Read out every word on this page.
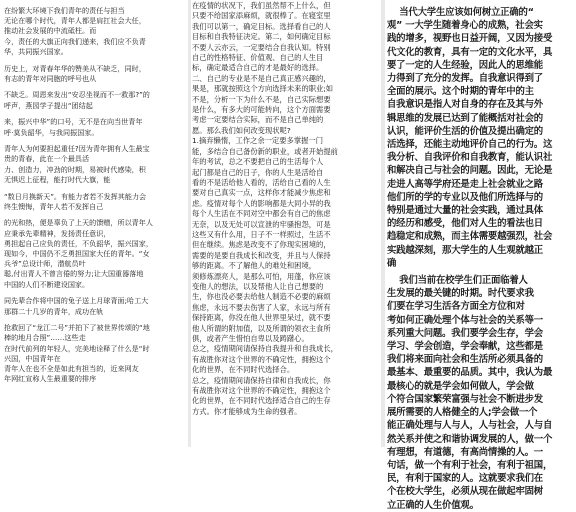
在纷繁大环境下我们青年的责任与担当
无论在哪个时代，青年人都是肩扛社会大任，
推动社会发展的中流砥柱。而
今，责任的大旗正向我们递来，我们应不负青
华，共同振兴国家。

历史上，对青春年华的赞美从不缺乏，同时，
有志的青年对同胞的呼号也从

不缺乏。周恩来发出“安忍坐视而不一救那?”的
呼声，燕园学子提出“团结起

来，振兴中华”的口号，无不是在向当世青年
呼·莫负韶华，与我同振国家。

青年人为何要担起重任?因为青年拥有人生最宝
贵的青春，此在一个最具活
力、创造力，冲劲的时期，易被时代感染，积
无惧迟上征程，能打时代大旗，能

“数日月换新天”。有能力者若不发挥其能力会
终生懊悔，青年人若不发挥自己

的光和热，便是辜负了上天的馈赠，所以青年人
应秉承先辈精神，发扬责任意识，
勇担起自己应负的责任，不负韶华，振兴国家，
现如今，中国仍不乏勇担国家大任的青年。“女
兵爷”总设计师，潜航员叶
聪,付出青人不曾言倦的努力;让大国重器落地
中国的人们不断建设国家。

同先辈合作将中国的兔子送上月球背面;哈工大
那群二十几岁的青年，成功在轨

抢救回了“龙江二号”并拍下了被世界传颂的“地
棒的地月合照”……这些走
在时代前列的年轻人，完美地诠释了什么是“时
兴国，中国青年在
青年人在也不全是如此有担当的，近来网友
年网红宣称人生最重要的排序

在疫情的状况下，我们虽然帮不上什么，但
只要不给国家添麻烦，就很棒了。在寝室里
我们可以第一，确定目标。选择看自己的人
目标和自我特征决定。第二，如何确定目标
不要人云亦云，一定要结合自我认知。特别
自己的性格特征、价值观、自己的人生目
标，确定最适合自己的才是最好的选择。
二、自己的专业是不是自己真正感兴趣的，
果是，那就按照这个方向选择未来的职业;如
不是，分析一下为什么不是，自己实际想要
是什么，有多大的可能转向，这个方面需要
考虑一定要结合实际，而不是自己单纯的
愿。那么我们如何改变现状呢?
1.摘弃懒惰，工作之余一定要多掌握一门
能，多结合自己备份新的职业，或者开始提前
年的考试，总之不要把自己的生活每个人
起门都是自己的日子，你的人生是活给自
看的不是活给他人看的，活给自己看的人生
要对自己真实一点，这样你才能减少焦虑和
虑。疫情对每个人的影响都是大同小异的我
每个人生活在不同对空中都会有自己的焦虑
无奈，以及无处可以宣泄的牢骚抱怨，可是
这些又有什么用，日子不一样照过，生活不
但在继续。焦虑是改变不了你现实困境的，
需要的是要自我成长和改变，并且与人保持
够的距离。不了解他人的难处和困境，
须修炼漂亮人，是那么可怕，用蓬，你应该
变他人的想法，以及帮他人让自己想要的
生，你也没必要去给他人制造不必要的麻烦
焦虑，永远不要去伤害了人家，永远与所有
保持距离，你没在他人世界里呆过，就不要
他人所谓的附加值，以及所谓的领衣主食所
俱，或者产生惜怕自卑以及踌躇心。
总之，疫情期间请保持自我提升和自我成长，
有战胜你对这个世界的不确定性，拥抱这个
化的世界，在不同时代选择合。
总之，疫情期间请保持自律和自我成长，你
有战胜你对这个世界的不确定性，拥抱这个
化的世界，在不同时代选择适合自己的生存
方式。你才能够成为生命的强者。

当代大学生应该如何树立正确的“
观” 一大学生随着身心的成熟，社会实
践的增多，视野也日益开阔，又因为接受
代文化的教育，具有一定的文化水平，具
要了一定的人生经验，因此人的思维能
力得到了充分的发挥。自我意识得到了
全面的展示。这个时期的青年中的主
自我意识是指人对自身的存在及其与外
辑思维的发展已达到了能概括对社会的
认识，能评价生活的价值及提出确定的
活选择，还能主动地评价自己的行为。这
我分析、自我评价和自我教育，能认识社
和解决自己与社会的问题。因此，无论是
走进人高等学府还是走上社会就业之路
他们所的学的专业以及他们所选择与的
特别是通过大量的社会实践，通过具体
的经历和感受，他们对人生的看法也日
趋稳定和成熟，而主体需要越强烈，社会
实践越深刻，那大学生的人生观就越正
确

我们当前在校学生们正面临着人
生发展的最关键的时期。时代要求我
们要在学习生活各方面全方位和对
考如何正确处理个体与社会的关系等一
系列重大问题。我们要学会生存，学会
学习、学会创造，学会奉献，这些都是
我们将来面向社会和生活所必须具备的
最基本、最重要的品质。其中，我认为最
最核心的就是学会如何做人，学会做
个符合国家繁荣富强与社会不断进步发
展所需要的人格健全的人;学会做一个
能正确处理与人与人，人与社会，人与自
然关系并使之和谐协调发展的人，做一个
有理想，有道德，有高尚情操的人。一
句话，做一个有利于社会，有利于祖国，
民，有利于国家的人。这就要求我们在
个在校大学生，必须从现在做起牢固树
立正确的人生价值观。
